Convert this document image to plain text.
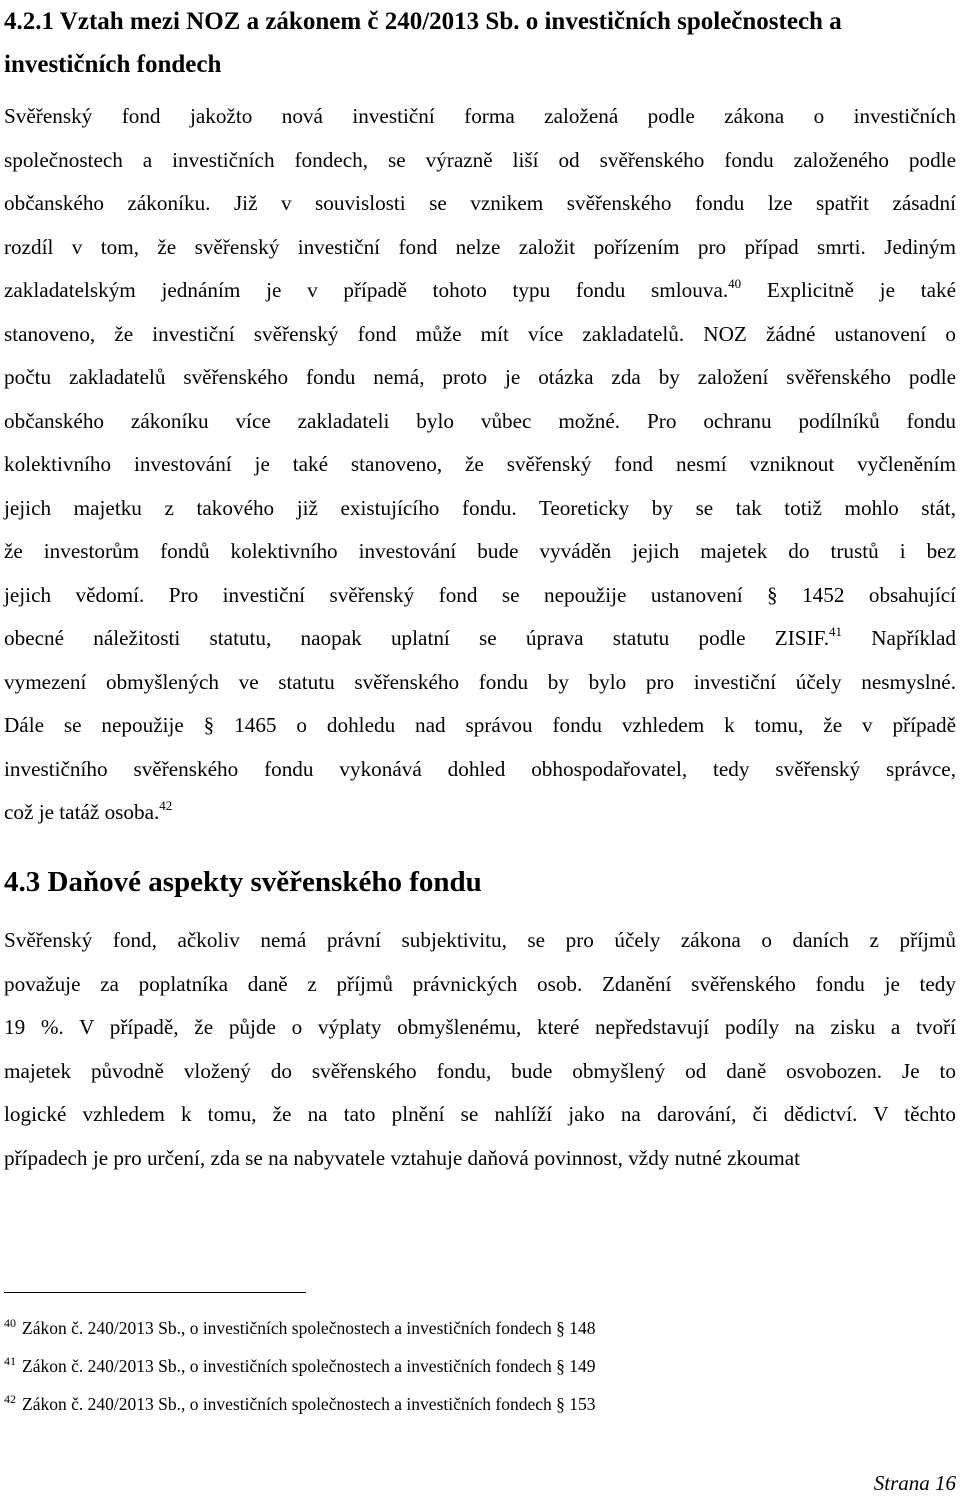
4.2.1 Vztah mezi NOZ a zákonem č 240/2013 Sb. o investičních společnostech a investičních fondech
Svěřenský fond jakožto nová investiční forma založená podle zákona o investičních
společnostech a investičních fondech, se výrazně liší od svěřenského fondu založeného podle
občanského zákoníku. Již v souvislosti se vznikem svěřenského fondu lze spatřit zásadní
rozdíl v tom, že svěřenský investiční fond nelze založit pořízením pro případ smrti. Jediným
zakladatelským jednáním je v případě tohoto typu fondu smlouva.$^{40}$ Explicitně je také
stanoveno, že investiční svěřenský fond může mít více zakladatelů. NOZ žádné ustanovení o
počtu zakladatelů svěřenského fondu nemá, proto je otázka zda by založení svěřenského podle
občanského zákoníku více zakladateli bylo vůbec možné. Pro ochranu podílníků fondu
kolektivního investování je také stanoveno, že svěřenský fond nesmí vzniknout vyčleněním
jejich majetku z takového již existujícího fondu. Teoreticky by se tak totiž mohlo stát,
že investorům fondů kolektivního investování bude vyváděn jejich majetek do trustů i bez
jejich vědomí. Pro investiční svěřenský fond se nepoužije ustanovení § 1452 obsahující
obecné náležitosti statutu, naopak uplatní se úprava statutu podle ZISIF.$^{41}$ Například
vymezení obmyšlených ve statutu svěřenského fondu by bylo pro investiční účely nesmyslné.
Dále se nepoužije § 1465 o dohledu nad správou fondu vzhledem k tomu, že v případě
investičního svěřenského fondu vykonává dohled obhospodařovatel, tedy svěřenský správce,
což je tatáž osoba.$^{42}$
4.3 Daňové aspekty svěřenského fondu
Svěřenský fond, ačkoliv nemá právní subjektivitu, se pro účely zákona o daních z příjmů
považuje za poplatníka daně z příjmů právnických osob. Zdanění svěřenského fondu je tedy
19 %. V případě, že půjde o výplaty obmyšlenému, které nepředstavují podíly na zisku a tvoří
majetek původně vložený do svěřenského fondu, bude obmyšlený od daně osvobozen. Je to
logické vzhledem k tomu, že na tato plnění se nahlíží jako na darování, či dědictví. V těchto
případech je pro určení, zda se na nabyvatele vztahuje daňová povinnost, vždy nutné zkoumat
$^{40}$ Zákon č. 240/2013 Sb., o investičních společnostech a investičních fondech § 148
$^{41}$ Zákon č. 240/2013 Sb., o investičních společnostech a investičních fondech § 149
$^{42}$ Zákon č. 240/2013 Sb., o investičních společnostech a investičních fondech § 153
Strana 16
